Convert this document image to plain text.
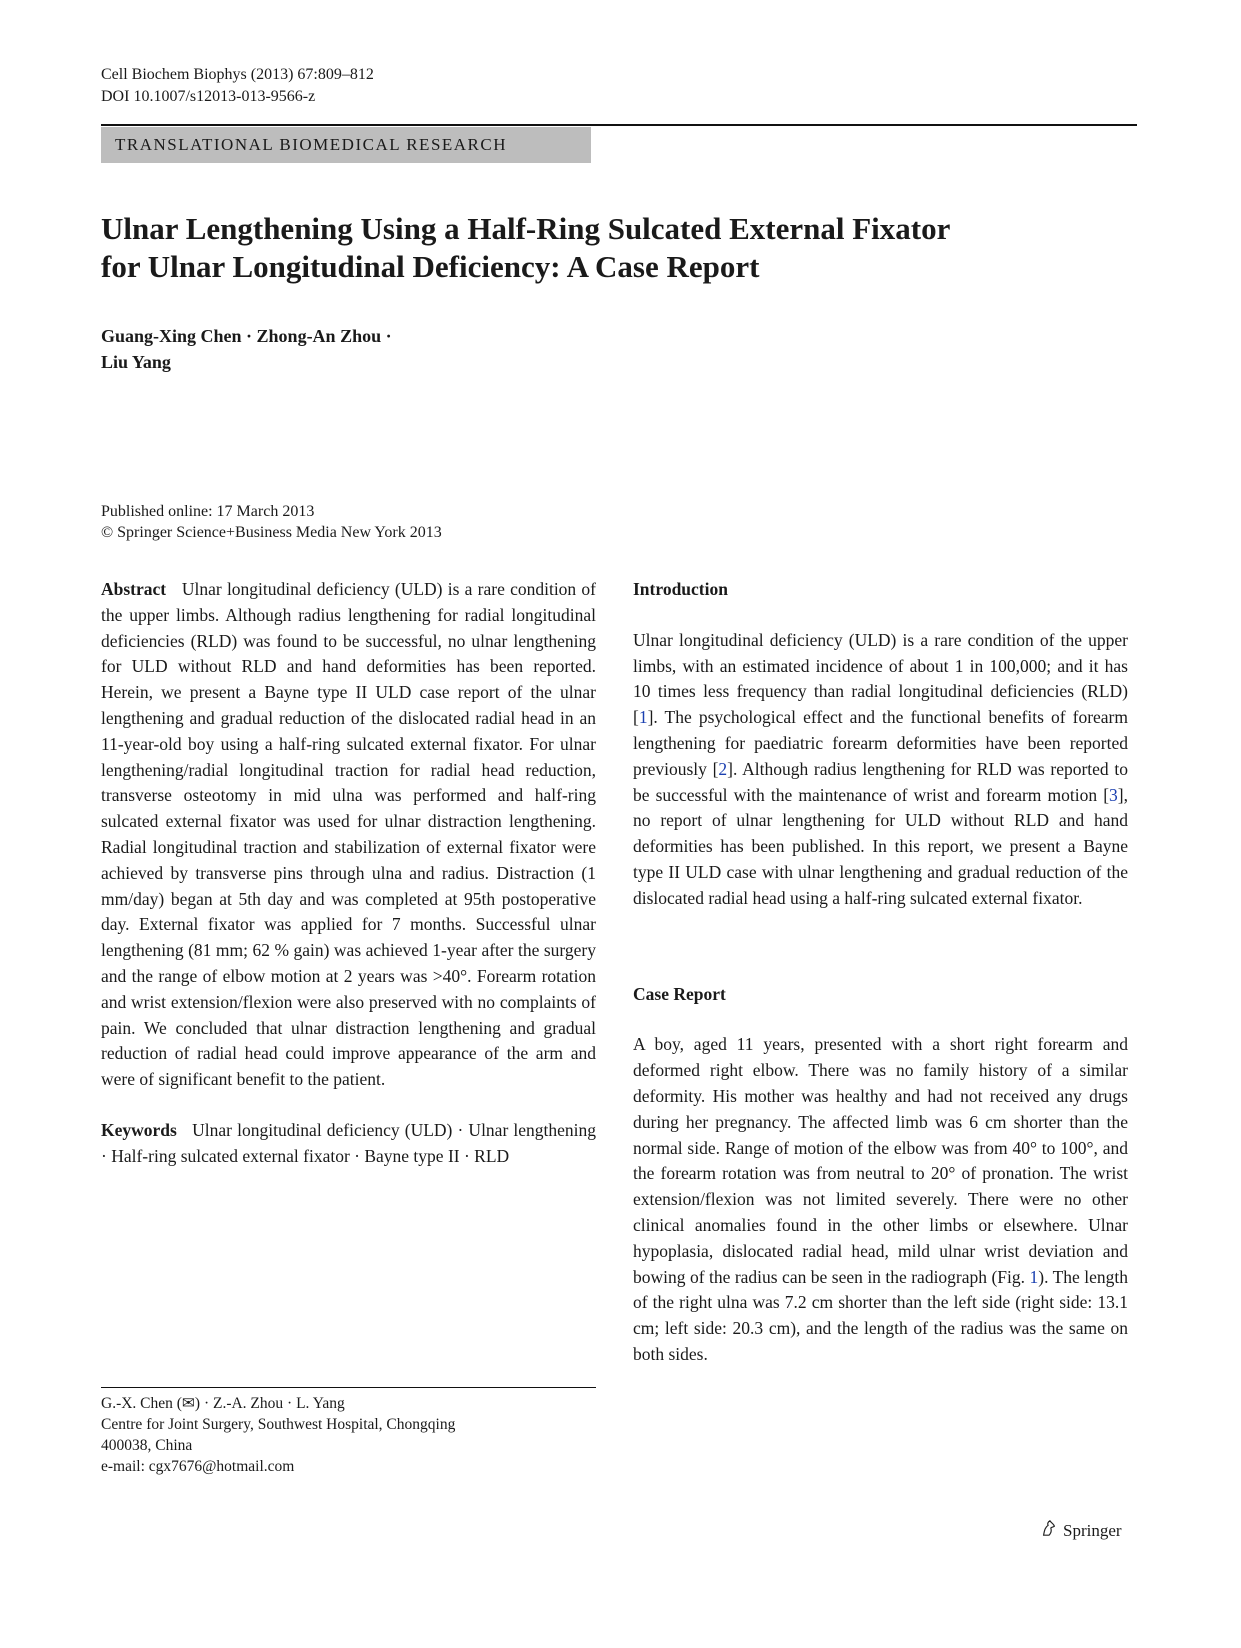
Cell Biochem Biophys (2013) 67:809–812
DOI 10.1007/s12013-013-9566-z
TRANSLATIONAL BIOMEDICAL RESEARCH
Ulnar Lengthening Using a Half-Ring Sulcated External Fixator
for Ulnar Longitudinal Deficiency: A Case Report
Guang-Xing Chen · Zhong-An Zhou ·
Liu Yang
Published online: 17 March 2013
© Springer Science+Business Media New York 2013

Abstract Ulnar longitudinal deficiency (ULD) is a rare condition of the upper limbs. Although radius lengthening for radial longitudinal deficiencies (RLD) was found to be successful, no ulnar lengthening for ULD without RLD and hand deformities has been reported. Herein, we present a Bayne type II ULD case report of the ulnar lengthening and gradual reduction of the dislocated radial head in an 11-year-old boy using a half-ring sulcated external fixator. For ulnar lengthening/radial longitudinal traction for radial head reduction, transverse osteotomy in mid ulna was performed and half-ring sulcated external fixator was used for ulnar distraction lengthening. Radial longitudinal traction and stabilization of external fixator were achieved by transverse pins through ulna and radius. Distraction (1 mm/day) began at 5th day and was completed at 95th postoperative day. External fixator was applied for 7 months. Successful ulnar lengthening (81 mm; 62 % gain) was achieved 1-year after the surgery and the range of elbow motion at 2 years was >40°. Forearm rotation and wrist extension/flexion were also preserved with no complaints of pain. We concluded that ulnar distraction lengthening and gradual reduction of radial head could improve appearance of the arm and were of significant benefit to the patient.

Keywords Ulnar longitudinal deficiency (ULD) · Ulnar lengthening · Half-ring sulcated external fixator · Bayne type II · RLD

G.-X. Chen (✉) · Z.-A. Zhou · L. Yang
Centre for Joint Surgery, Southwest Hospital, Chongqing
400038, China
e-mail: cgx7676@hotmail.com

Introduction

Ulnar longitudinal deficiency (ULD) is a rare condition of the upper limbs, with an estimated incidence of about 1 in 100,000; and it has 10 times less frequency than radial longitudinal deficiencies (RLD) [1]. The psychological effect and the functional benefits of forearm lengthening for paediatric forearm deformities have been reported previously [2]. Although radius lengthening for RLD was reported to be successful with the maintenance of wrist and forearm motion [3], no report of ulnar lengthening for ULD without RLD and hand deformities has been published. In this report, we present a Bayne type II ULD case with ulnar lengthening and gradual reduction of the dislocated radial head using a half-ring sulcated external fixator.

Case Report

A boy, aged 11 years, presented with a short right forearm and deformed right elbow. There was no family history of a similar deformity. His mother was healthy and had not received any drugs during her pregnancy. The affected limb was 6 cm shorter than the normal side. Range of motion of the elbow was from 40° to 100°, and the forearm rotation was from neutral to 20° of pronation. The wrist extension/flexion was not limited severely. There were no other clinical anomalies found in the other limbs or elsewhere. Ulnar hypoplasia, dislocated radial head, mild ulnar wrist deviation and bowing of the radius can be seen in the radiograph (Fig. 1). The length of the right ulna was 7.2 cm shorter than the left side (right side: 13.1 cm; left side: 20.3 cm), and the length of the radius was the same on both sides.

Springer
